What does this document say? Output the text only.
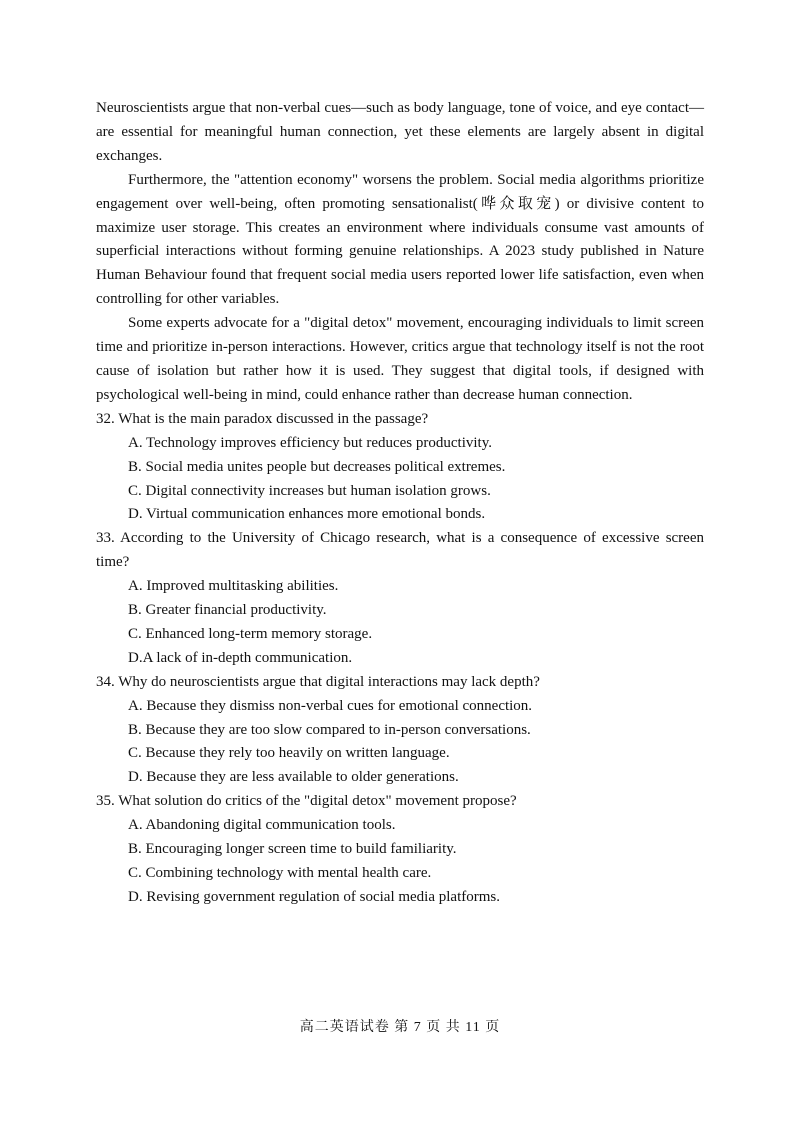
Neuroscientists argue that non-verbal cues—such as body language, tone of voice, and eye contact—are essential for meaningful human connection, yet these elements are largely absent in digital exchanges.

Furthermore, the "attention economy" worsens the problem. Social media algorithms prioritize engagement over well-being, often promoting sensationalist(哗众取宠) or divisive content to maximize user storage. This creates an environment where individuals consume vast amounts of superficial interactions without forming genuine relationships. A 2023 study published in Nature Human Behaviour found that frequent social media users reported lower life satisfaction, even when controlling for other variables.

Some experts advocate for a "digital detox" movement, encouraging individuals to limit screen time and prioritize in-person interactions. However, critics argue that technology itself is not the root cause of isolation but rather how it is used. They suggest that digital tools, if designed with psychological well-being in mind, could enhance rather than decrease human connection.

32. What is the main paradox discussed in the passage?

A. Technology improves efficiency but reduces productivity.

B. Social media unites people but decreases political extremes.

C. Digital connectivity increases but human isolation grows.

D. Virtual communication enhances more emotional bonds.

33. According to the University of Chicago research, what is a consequence of excessive screen time?

A. Improved multitasking abilities.

B. Greater financial productivity.

C. Enhanced long-term memory storage.

D.A lack of in-depth communication.

34. Why do neuroscientists argue that digital interactions may lack depth?

A. Because they dismiss non-verbal cues for emotional connection.

B. Because they are too slow compared to in-person conversations.

C. Because they rely too heavily on written language.

D. Because they are less available to older generations.

35. What solution do critics of the "digital detox" movement propose?

A. Abandoning digital communication tools.

B. Encouraging longer screen time to build familiarity.

C. Combining technology with mental health care.

D. Revising government regulation of social media platforms.

高二英语试卷 第 7 页 共 11 页
